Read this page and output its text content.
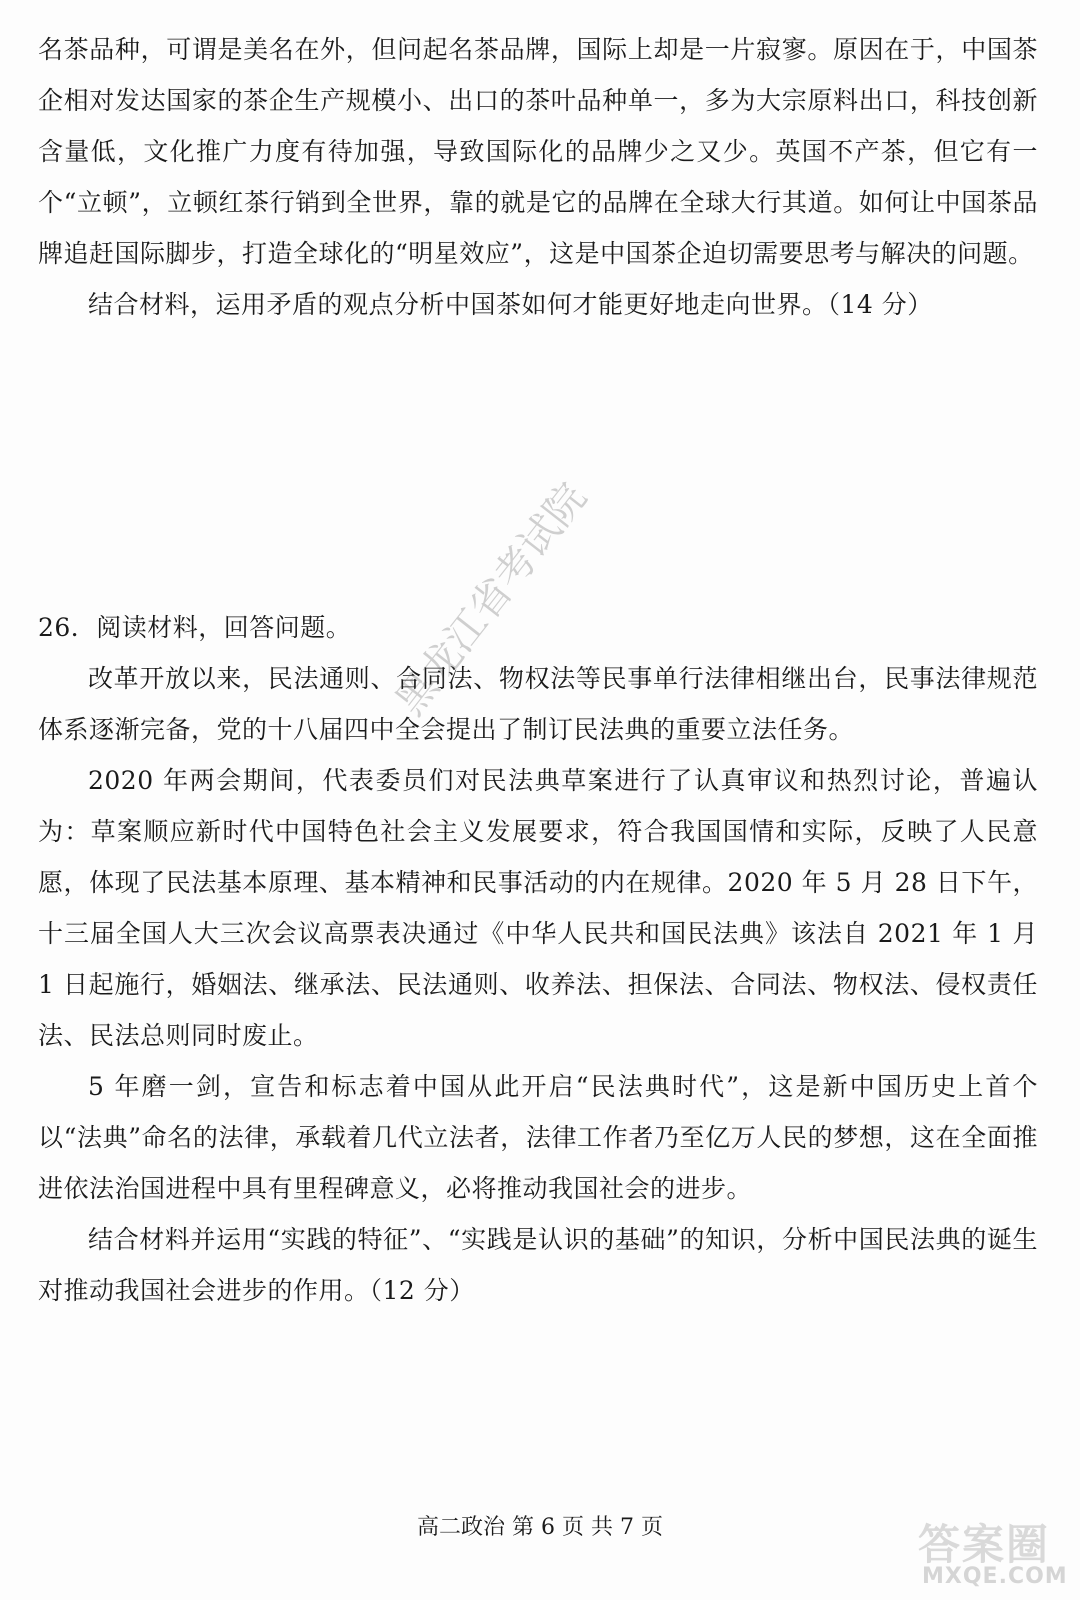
名茶品种，可谓是美名在外，但问起名茶品牌，国际上却是一片寂寥。原因在于，中国茶企相对发达国家的茶企生产规模小、出口的茶叶品种单一，多为大宗原料出口，科技创新含量低，文化推广力度有待加强，导致国际化的品牌少之又少。英国不产茶，但它有一个“立顿”，立顿红茶行销到全世界，靠的就是它的品牌在全球大行其道。如何让中国茶品牌追赶国际脚步，打造全球化的“明星效应”，这是中国茶企迫切需要思考与解决的问题。

结合材料，运用矛盾的观点分析中国茶如何才能更好地走向世界。（14 分）

26．阅读材料，回答问题。

改革开放以来，民法通则、合同法、物权法等民事单行法律相继出台，民事法律规范体系逐渐完备，党的十八届四中全会提出了制订民法典的重要立法任务。

2020 年两会期间，代表委员们对民法典草案进行了认真审议和热烈讨论，普遍认为：草案顺应新时代中国特色社会主义发展要求，符合我国国情和实际，反映了人民意愿，体现了民法基本原理、基本精神和民事活动的内在规律。2020 年 5 月 28 日下午，十三届全国人大三次会议高票表决通过《中华人民共和国民法典》该法自 2021 年 1 月 1 日起施行，婚姻法、继承法、民法通则、收养法、担保法、合同法、物权法、侵权责任法、民法总则同时废止。

5 年磨一剑，宣告和标志着中国从此开启“民法典时代”，这是新中国历史上首个以“法典”命名的法律，承载着几代立法者，法律工作者乃至亿万人民的梦想，这在全面推进依法治国进程中具有里程碑意义，必将推动我国社会的进步。

结合材料并运用“实践的特征”、“实践是认识的基础”的知识，分析中国民法典的诞生对推动我国社会进步的作用。（12 分）

黑龙江省考试院
高二政治 第 6 页 共 7 页	答案圈
MXQE.COM
